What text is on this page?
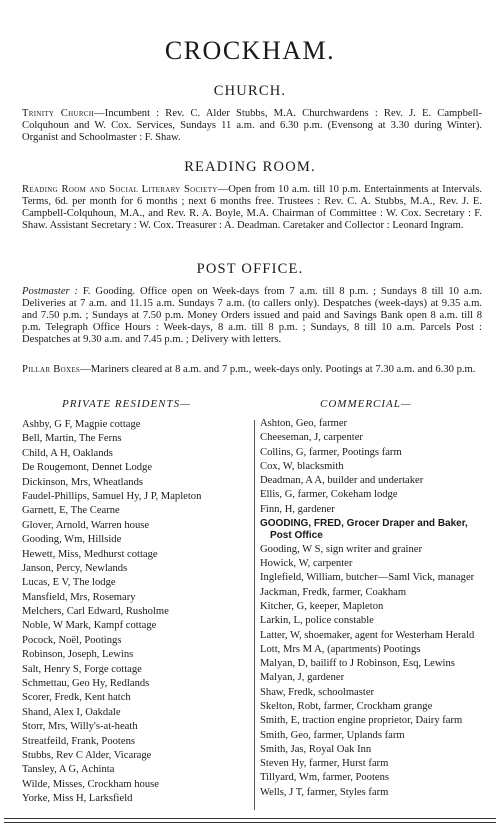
CROCKHAM.
CHURCH.
Trinity Church—Incumbent : Rev. C. Alder Stubbs, M.A. Churchwardens : Rev. J. E. Campbell-Colquhoun and W. Cox. Services, Sundays 11 a.m. and 6.30 p.m. (Evensong at 3.30 during Winter). Organist and Schoolmaster : F. Shaw.
READING ROOM.
Reading Room and Social Literary Society—Open from 10 a.m. till 10 p.m. Entertainments at Intervals. Terms, 6d. per month for 6 months ; next 6 months free. Trustees : Rev. C. A. Stubbs, M.A., Rev. J. E. Campbell-Colquhoun, M.A., and Rev. R. A. Boyle, M.A. Chairman of Committee : W. Cox. Secretary : F. Shaw. Assistant Secretary : W. Cox. Treasurer : A. Deadman. Caretaker and Collector : Leonard Ingram.
POST OFFICE.
Postmaster : F. Gooding. Office open on Week-days from 7 a.m. till 8 p.m. ; Sundays 8 till 10 a.m. Deliveries at 7 a.m. and 11.15 a.m. Sundays 7 a.m. (to callers only). Despatches (week-days) at 9.35 a.m. and 7.50 p.m. ; Sundays at 7.50 p.m. Money Orders issued and paid and Savings Bank open 8 a.m. till 8 p.m. Telegraph Office Hours : Week-days, 8 a.m. till 8 p.m. ; Sundays, 8 till 10 a.m. Parcels Post : Despatches at 9.30 a.m. and 7.45 p.m. ; Delivery with letters.
Pillar Boxes—Mariners cleared at 8 a.m. and 7 p.m., week-days only. Pootings at 7.30 a.m. and 6.30 p.m.
PRIVATE RESIDENTS—	COMMERCIAL—
Ashby, G F, Magpie cottage
Bell, Martin, The Ferns
Child, A H, Oaklands
De Rougemont, Dennet Lodge
Dickinson, Mrs, Wheatlands
Faudel-Phillips, Samuel Hy, J P, Mapleton
Garnett, E, The Cearne
Glover, Arnold, Warren house
Gooding, Wm, Hillside
Hewett, Miss, Medhurst cottage
Janson, Percy, Newlands
Lucas, E V, The lodge
Mansfield, Mrs, Rosemary
Melchers, Carl Edward, Rusholme
Noble, W Mark, Kampf cottage
Pocock, Noël, Pootings
Robinson, Joseph, Lewins
Salt, Henry S, Forge cottage
Schmettau, Geo Hy, Redlands
Scorer, Fredk, Kent hatch
Shand, Alex I, Oakdale
Storr, Mrs, Willy's-at-heath
Streatfeild, Frank, Pootens
Stubbs, Rev C Alder, Vicarage
Tansley, A G, Achinta
Wilde, Misses, Crockham house
Yorke, Miss H, Larksfield
Ashton, Geo, farmer
Cheeseman, J, carpenter
Collins, G, farmer, Pootings farm
Cox, W, blacksmith
Deadman, A A, builder and undertaker
Ellis, G, farmer, Cokeham lodge
Finn, H, gardener
GOODING, FRED, Grocer Draper and Baker, Post Office
Gooding, W S, sign writer and grainer
Howick, W, carpenter
Inglefield, William, butcher—Saml Vick, manager
Jackman, Fredk, farmer, Coakham
Kitcher, G, keeper, Mapleton
Larkin, L, police constable
Latter, W, shoemaker, agent for Westerham Herald
Lott, Mrs M A, (apartments) Pootings
Malyan, D, bailiff to J Robinson, Esq, Lewins
Malyan, J, gardener
Shaw, Fredk, schoolmaster
Skelton, Robt, farmer, Crockham grange
Smith, E, traction engine proprietor, Dairy farm
Smith, Geo, farmer, Uplands farm
Smith, Jas, Royal Oak Inn
Steven Hy, farmer, Hurst farm
Tillyard, Wm, farmer, Pootens
Wells, J T, farmer, Styles farm
